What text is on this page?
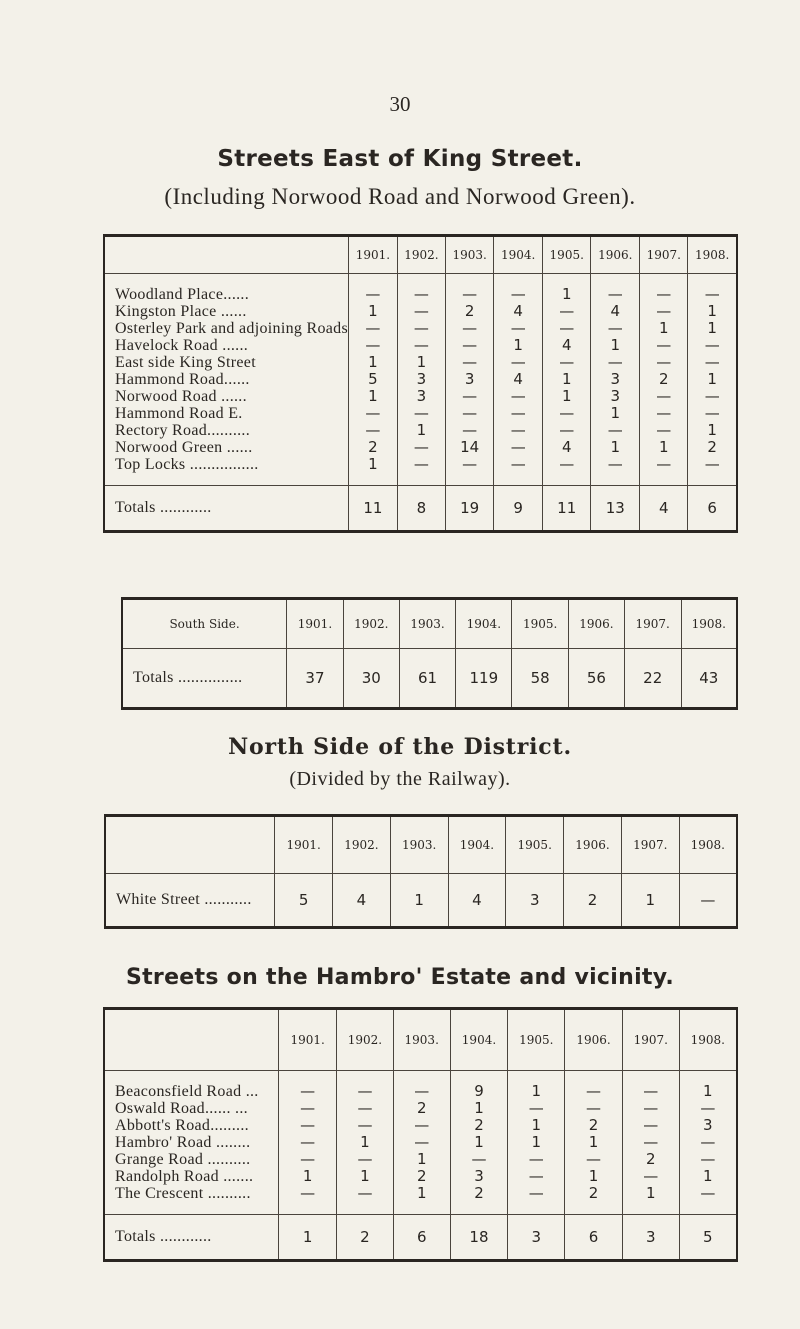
30
Streets East of King Street.
(Including Norwood Road and Norwood Green).
	1901.	1902.	1903.	1904.	1905.	1906.	1907.	1908.

Woodland Place......	—	—	—	—	1	—	—	—
Kingston Place ......	1	—	2	4	—	4	—	1
Osterley Park and adjoining Roads	—	—	—	—	—	—	1	1
Havelock Road ......	—	—	—	1	4	1	—	—
East side King Street	1	1	—	—	—	—	—	—
Hammond Road......	5	3	3	4	1	3	2	1
Norwood Road ......	1	3	—	—	1	3	—	—
Hammond Road E.	—	—	—	—	—	1	—	—
Rectory Road..........	—	1	—	—	—	—	—	1
Norwood Green ......	2	—	14	—	4	1	1	2
Top Locks ................	1	—	—	—	—	—	—	—

Totals ............	11	8	19	9	11	13	4	6
South Side.	1901.	1902.	1903.	1904.	1905.	1906.	1907.	1908.
Totals ...............	37	30	61	119	58	56	22	43
North Side of the District.
(Divided by the Railway).
	1901.	1902.	1903.	1904.	1905.	1906.	1907.	1908.
White Street ...........	5	4	1	4	3	2	1	—
Streets on the Hambro' Estate and vicinity.
	1901.	1902.	1903.	1904.	1905.	1906.	1907.	1908.

Beaconsfield Road ...	—	—	—	9	1	—	—	1
Oswald Road...... ...	—	—	2	1	—	—	—	—
Abbott's Road.........	—	—	—	2	1	2	—	3
Hambro' Road ........	—	1	—	1	1	1	—	—
Grange Road ..........	—	—	1	—	—	—	2	—
Randolph Road .......	1	1	2	3	—	1	—	1
The Crescent ..........	—	—	1	2	—	2	1	—

Totals ............	1	2	6	18	3	6	3	5
